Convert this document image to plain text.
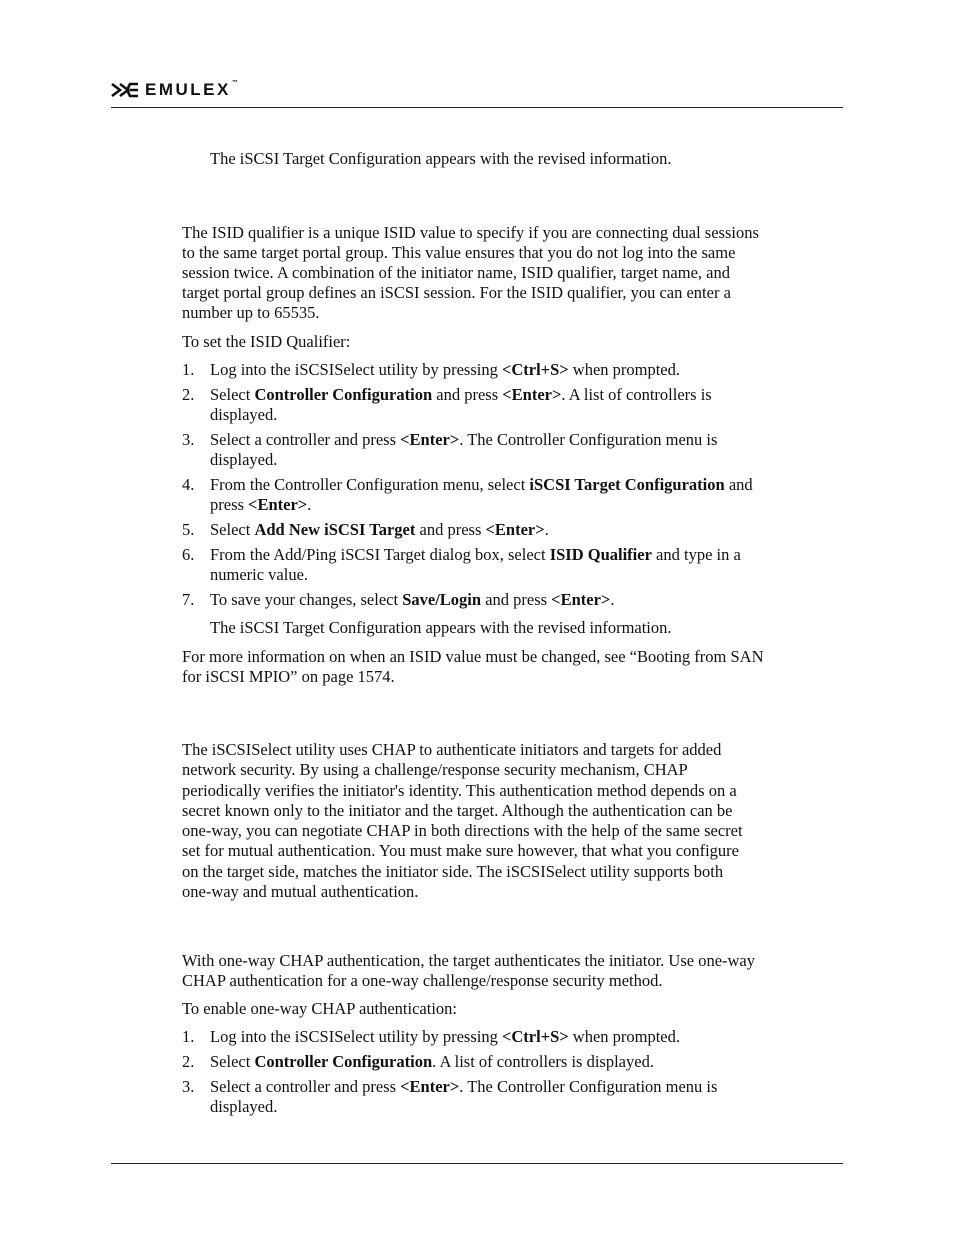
EMULEX™

The iSCSI Target Configuration appears with the revised information.

The ISID qualifier is a unique ISID value to specify if you are connecting dual sessions

to the same target portal group. This value ensures that you do not log into the same

session twice. A combination of the initiator name, ISID qualifier, target name, and

target portal group defines an iSCSI session. For the ISID qualifier, you can enter a

number up to 65535.

To set the ISID Qualifier:

1. Log into the iSCSISelect utility by pressing <Ctrl+S> when prompted.

2. Select Controller Configuration and press <Enter>. A list of controllers is

displayed.

3. Select a controller and press <Enter>. The Controller Configuration menu is

displayed.

4. From the Controller Configuration menu, select iSCSI Target Configuration and

press <Enter>.

5. Select Add New iSCSI Target and press <Enter>.

6. From the Add/Ping iSCSI Target dialog box, select ISID Qualifier and type in a

numeric value.

7. To save your changes, select Save/Login and press <Enter>.

The iSCSI Target Configuration appears with the revised information.

For more information on when an ISID value must be changed, see “Booting from SAN

for iSCSI MPIO” on page 1574.

The iSCSISelect utility uses CHAP to authenticate initiators and targets for added

network security. By using a challenge/response security mechanism, CHAP

periodically verifies the initiator's identity. This authentication method depends on a

secret known only to the initiator and the target. Although the authentication can be

one-way, you can negotiate CHAP in both directions with the help of the same secret

set for mutual authentication. You must make sure however, that what you configure

on the target side, matches the initiator side. The iSCSISelect utility supports both

one-way and mutual authentication.

With one-way CHAP authentication, the target authenticates the initiator. Use one-way

CHAP authentication for a one-way challenge/response security method.

To enable one-way CHAP authentication:

1. Log into the iSCSISelect utility by pressing <Ctrl+S> when prompted.

2. Select Controller Configuration. A list of controllers is displayed.

3. Select a controller and press <Enter>. The Controller Configuration menu is

displayed.
